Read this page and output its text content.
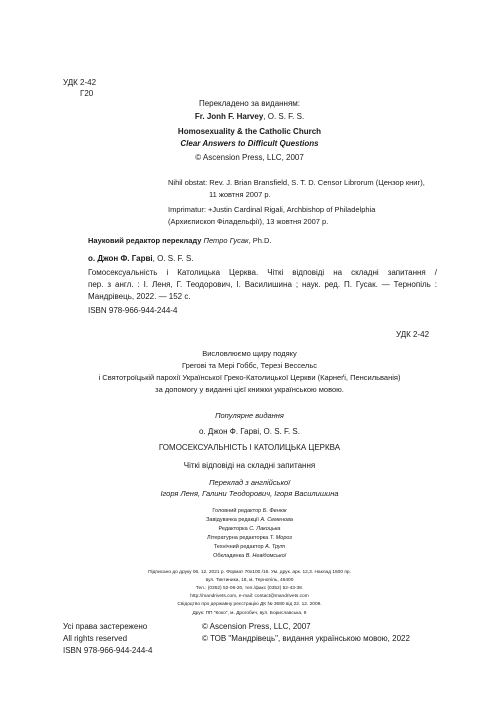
УДК 2-42
Г20
Перекладено за виданням:
Fr. Jonh F. Harvey, O. S. F. S.
Homosexuality & the Catholic Church
Clear Answers to Difficult Questions
© Ascension Press, LLC, 2007
Nihil obstat: Rev. J. Brian Bransfield, S. T. D. Censor Librorum (Цензор книг),
11 жовтня 2007 р.
Imprimatur: +Justin Cardinal Rigali, Archbishop of Philadelphia
(Архиєпископ Філадельфії), 13 жовтня 2007 р.
Науковий редактор перекладу Петро Гусак, Ph.D.
о. Джон Ф. Гарві, O. S. F. S.
Гомосексуальність і Католицька Церква. Чіткі відповіді на складні запитання /
пер. з англ. : І. Леня, Г. Теодорович, І. Василишина ; наук. ред. П. Гусак. — Тернопіль :
Мандрівець, 2022. — 152 с.
ISBN 978-966-944-244-4
УДК 2-42
Висловлюємо щиру подяку
Грегові та Мері Гоббс, Терезі Вессельс
і Святотроїцькій парохії Української Греко-Католицької Церкви (Карнеґі, Пенсильванія)
за допомогу у виданні цієї книжки українською мовою.
Популярне видання
о. Джон Ф. Гарві, O. S. F. S.
ГОМОСЕКСУАЛЬНІСТЬ І КАТОЛИЦЬКА ЦЕРКВА
Чіткі відповіді на складні запитання
Переклад з англійської
Ігоря Леня, Галини Теодорович, Ігоря Василишина
Головний редактор Б. Фенюк
Завідувачка редакції А. Семенова
Редакторка С. Лакоцька
Літературна редакторка Т. Мороз
Технічний редактор А. Трут
Обкладинка В. Невідомської
Підписано до друку 06. 12. 2021 р. Формат 70х100 /16. Ум. друк. арк. 12,3. Наклад 1500 пр.
вул. Тиктиника, 18, м. Тернопіль, 46400
Тел.: (0352) 52-06-20, тел./факс (0352) 52-43-38.
http://mandrivets.com, e-mail: contact@mandrivets.com
Свідоцтво про державну реєстрацію ДК № 3680 від 22. 12. 2009.
Друк: ПП "Коко", м. Дрогобич, вул. Бориславська, 8
Усі права застережено
All rights reserved
ISBN 978-966-944-244-4
© Ascension Press, LLC, 2007
© ТОВ "Мандрівець", видання українською мовою, 2022
